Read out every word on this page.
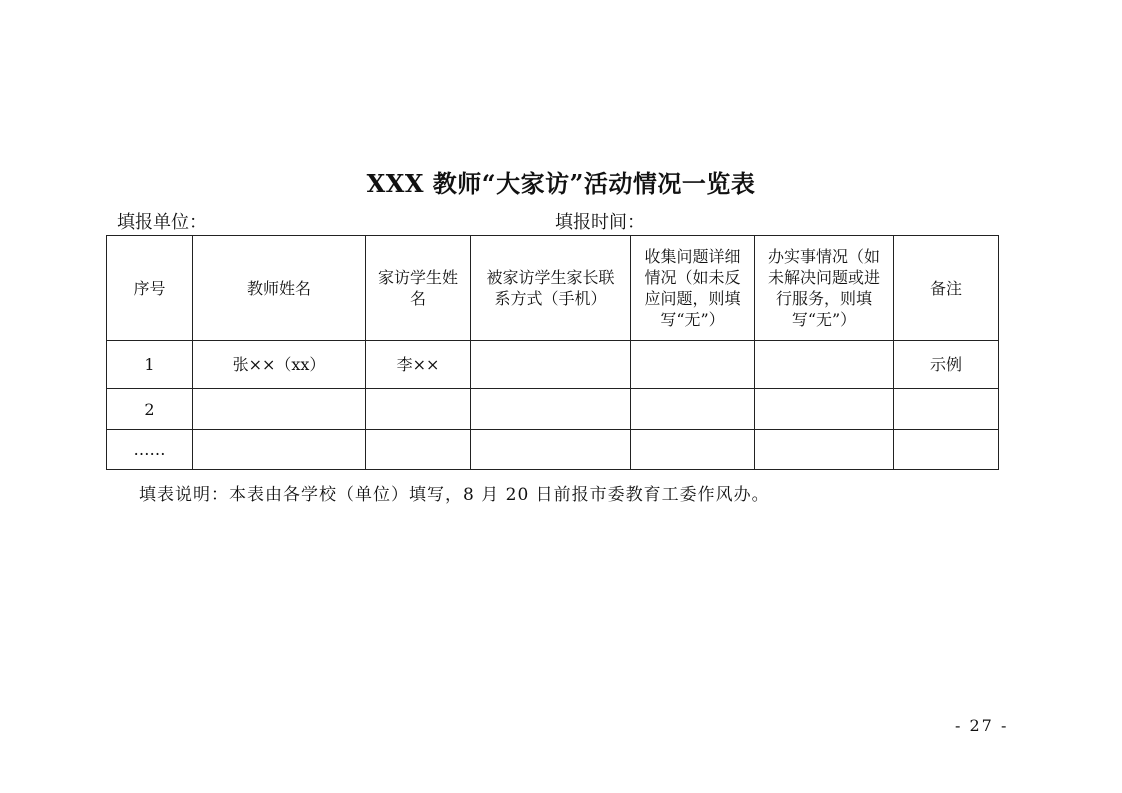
XXX 教师“大家访”活动情况一览表
填报单位：	填报时间：
序号	教师姓名	家访学生姓名	被家访学生家长联系方式（手机）	收集问题详细情况（如未反应问题，则填写“无”）	办实事情况（如未解决问题或进行服务，则填写“无”）	备注
1	张××（xx）	李××				示例
2						
……						
填表说明：本表由各学校（单位）填写，8 月 20 日前报市委教育工委作风办。
- 27 -
